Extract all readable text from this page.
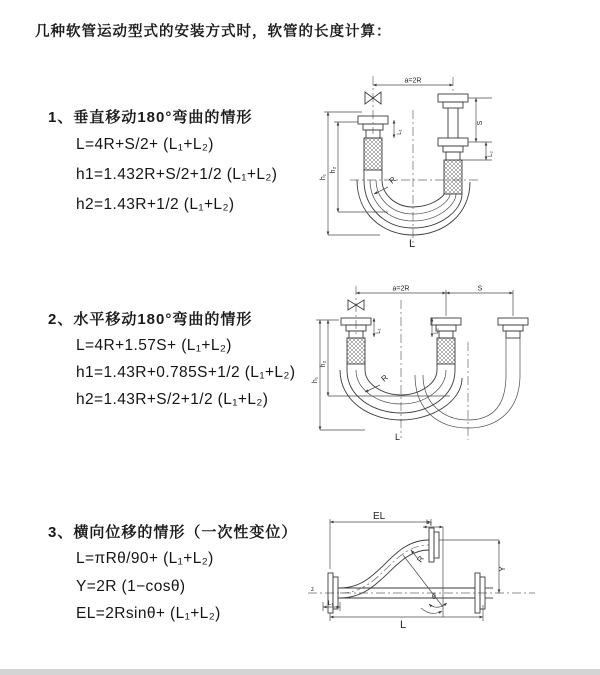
几种软管运动型式的安装方式时，软管的长度计算：
1、垂直移动180°弯曲的情形
L=4R+S/2+ (L₁+L₂)
h1=1.432R+S/2+1/2 (L₁+L₂)
h2=1.43R+1/2 (L₁+L₂)
2、水平移动180°弯曲的情形
L=4R+1.57S+ (L₁+L₂)
h1=1.43R+0.785S+1/2 (L₁+L₂)
h2=1.43R+S/2+1/2 (L₁+L₂)
3、横向位移的情形（一次性变位）
L=πRθ/90+ (L₁+L₂)
Y=2R (1−cosθ)
EL=2Rsinθ+ (L₁+L₂)
a=2R
h₁
h₂
L₁
S
L₂
R
L
a=2R	S
h₁
h₂
L₁	L₂
R
L
z
EL
L₂
Y
R
θ
L₁
L
